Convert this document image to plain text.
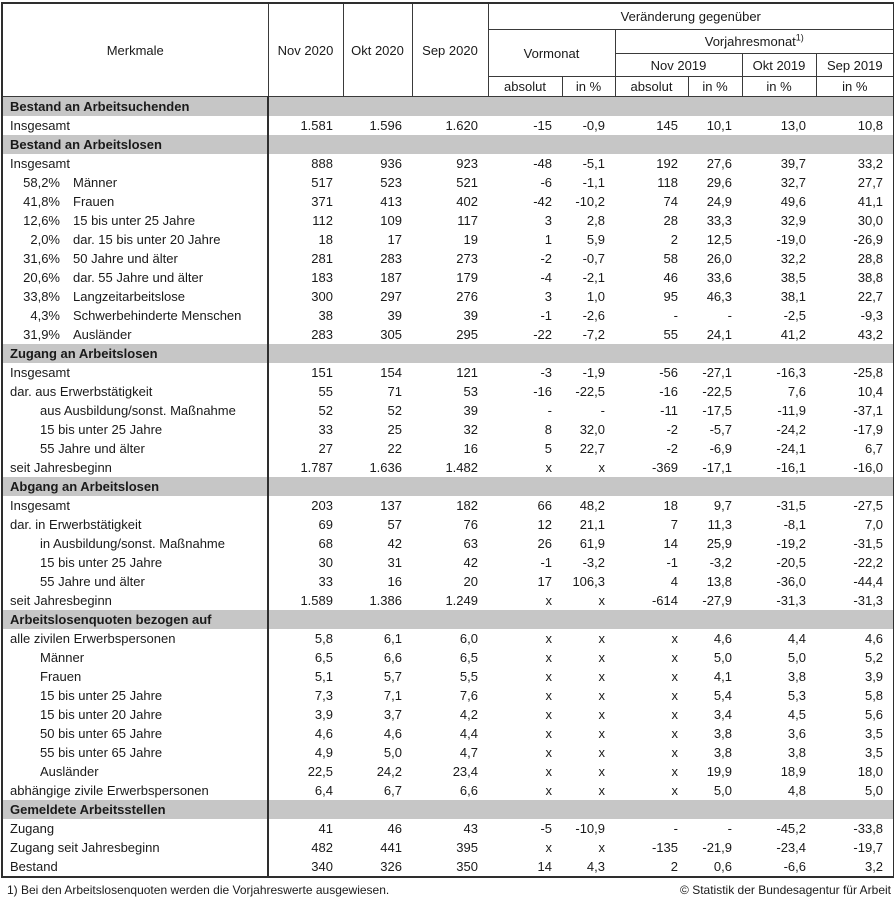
Merkmale	Nov 2020	Okt 2020	Sep 2020	Veränderung gegenüber					
				Vormonat		Vorjahresmonat$^{1)}$
						Nov 2019		Okt 2019	Sep 2019
				absolut	in %	absolut	in %	in %	in %
Bestand an Arbeitsuchenden									
Insgesamt	1.581	1.596	1.620	-15	-0,9	145	10,1	13,0	10,8
Bestand an Arbeitslosen									
Insgesamt	888	936	923	-48	-5,1	192	27,6	39,7	33,2
58,2% Männer	517	523	521	-6	-1,1	118	29,6	32,7	27,7
41,8% Frauen	371	413	402	-42	-10,2	74	24,9	49,6	41,1
12,6% 15 bis unter 25 Jahre	112	109	117	3	2,8	28	33,3	32,9	30,0
2,0% dar. 15 bis unter 20 Jahre	18	17	19	1	5,9	2	12,5	-19,0	-26,9
31,6% 50 Jahre und älter	281	283	273	-2	-0,7	58	26,0	32,2	28,8
20,6% dar. 55 Jahre und älter	183	187	179	-4	-2,1	46	33,6	38,5	38,8
33,8% Langzeitarbeitslose	300	297	276	3	1,0	95	46,3	38,1	22,7
4,3% Schwerbehinderte Menschen	38	39	39	-1	-2,6	-	-	-2,5	-9,3
31,9% Ausländer	283	305	295	-22	-7,2	55	24,1	41,2	43,2
Zugang an Arbeitslosen									
Insgesamt	151	154	121	-3	-1,9	-56	-27,1	-16,3	-25,8
dar. aus Erwerbstätigkeit	55	71	53	-16	-22,5	-16	-22,5	7,6	10,4
aus Ausbildung/sonst. Maßnahme	52	52	39	-	-	-11	-17,5	-11,9	-37,1
15 bis unter 25 Jahre	33	25	32	8	32,0	-2	-5,7	-24,2	-17,9
55 Jahre und älter	27	22	16	5	22,7	-2	-6,9	-24,1	6,7
seit Jahresbeginn	1.787	1.636	1.482	x	x	-369	-17,1	-16,1	-16,0
Abgang an Arbeitslosen									
Insgesamt	203	137	182	66	48,2	18	9,7	-31,5	-27,5
dar. in Erwerbstätigkeit	69	57	76	12	21,1	7	11,3	-8,1	7,0
in Ausbildung/sonst. Maßnahme	68	42	63	26	61,9	14	25,9	-19,2	-31,5
15 bis unter 25 Jahre	30	31	42	-1	-3,2	-1	-3,2	-20,5	-22,2
55 Jahre und älter	33	16	20	17	106,3	4	13,8	-36,0	-44,4
seit Jahresbeginn	1.589	1.386	1.249	x	x	-614	-27,9	-31,3	-31,3
Arbeitslosenquoten bezogen auf									
alle zivilen Erwerbspersonen	5,8	6,1	6,0	x	x	x	4,6	4,4	4,6
Männer	6,5	6,6	6,5	x	x	x	5,0	5,0	5,2
Frauen	5,1	5,7	5,5	x	x	x	4,1	3,8	3,9
15 bis unter 25 Jahre	7,3	7,1	7,6	x	x	x	5,4	5,3	5,8
15 bis unter 20 Jahre	3,9	3,7	4,2	x	x	x	3,4	4,5	5,6
50 bis unter 65 Jahre	4,6	4,6	4,4	x	x	x	3,8	3,6	3,5
55 bis unter 65 Jahre	4,9	5,0	4,7	x	x	x	3,8	3,8	3,5
Ausländer	22,5	24,2	23,4	x	x	x	19,9	18,9	18,0
abhängige zivile Erwerbspersonen	6,4	6,7	6,6	x	x	x	5,0	4,8	5,0
Gemeldete Arbeitsstellen									
Zugang	41	46	43	-5	-10,9	-	-	-45,2	-33,8
Zugang seit Jahresbeginn	482	441	395	x	x	-135	-21,9	-23,4	-19,7
Bestand	340	326	350	14	4,3	2	0,6	-6,6	3,2
1) Bei den Arbeitslosenquoten werden die Vorjahreswerte ausgewiesen.	© Statistik der Bundesagentur für Arbeit
